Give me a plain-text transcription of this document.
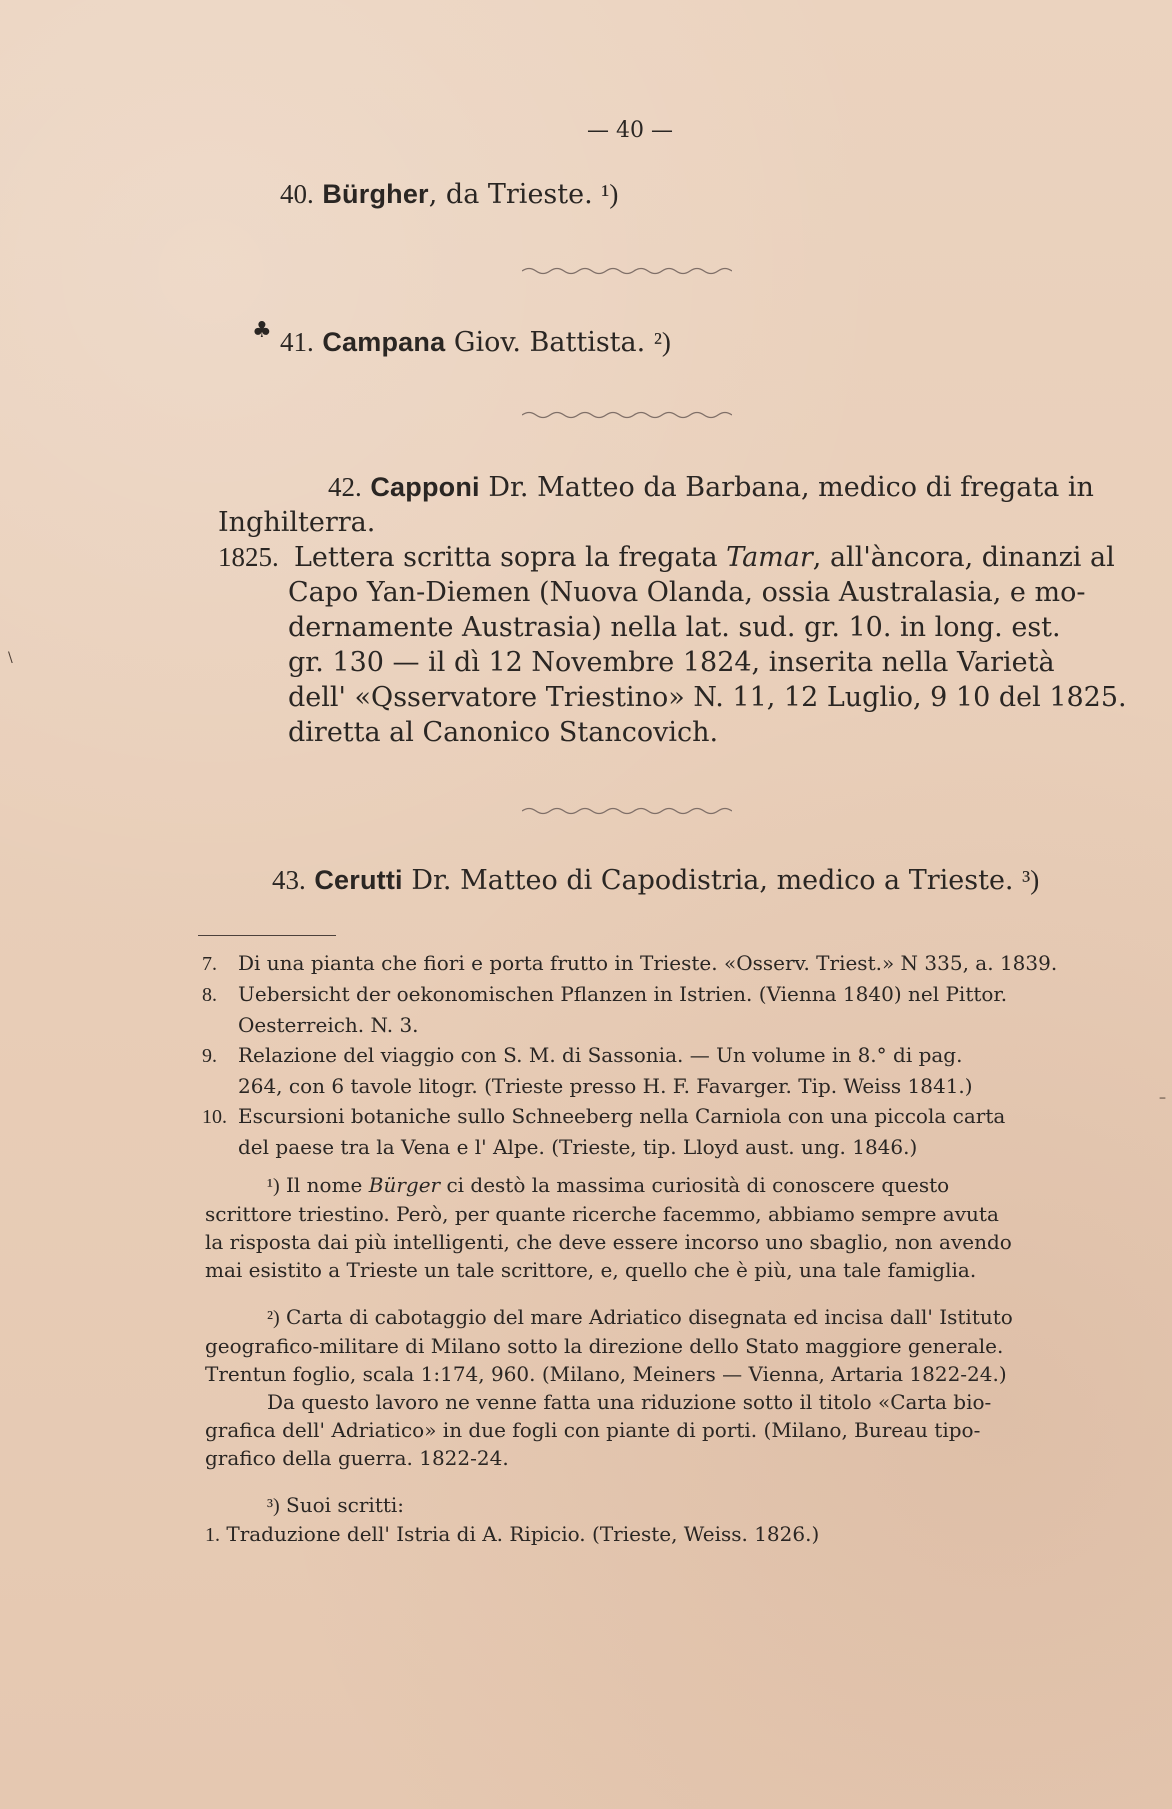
— 40 —
40. Bürgher, da Trieste. ¹)
♣ 41. Campana Giov. Battista. ²)
42. Capponi Dr. Matteo da Barbana, medico di fregata in
Inghilterra.
1825. Lettera scritta sopra la fregata Tamar, all'àncora, dinanzi al
Capo Yan-Diemen (Nuova Olanda, ossia Australasia, e mo-
dernamente Austrasia) nella lat. sud. gr. 10. in long. est.
gr. 130 — il dì 12 Novembre 1824, inserita nella Varietà
dell' «Qsservatore Triestino» N. 11, 12 Luglio, 9 10 del 1825.
diretta al Canonico Stancovich.
43. Cerutti Dr. Matteo di Capodistria, medico a Trieste. ³)
7. Di una pianta che fiori e porta frutto in Trieste. «Osserv. Triest.» N 335, a. 1839.
8. Uebersicht der oekonomischen Pflanzen in Istrien. (Vienna 1840) nel Pittor.
Oesterreich. N. 3.
9. Relazione del viaggio con S. M. di Sassonia. — Un volume in 8.° di pag.
264, con 6 tavole litogr. (Trieste presso H. F. Favarger. Tip. Weiss 1841.)
10. Escursioni botaniche sullo Schneeberg nella Carniola con una piccola carta
del paese tra la Vena e l' Alpe. (Trieste, tip. Lloyd aust. ung. 1846.)
¹) Il nome Bürger ci destò la massima curiosità di conoscere questo
scrittore triestino. Però, per quante ricerche facemmo, abbiamo sempre avuta
la risposta dai più intelligenti, che deve essere incorso uno sbaglio, non avendo
mai esistito a Trieste un tale scrittore, e, quello che è più, una tale famiglia.
²) Carta di cabotaggio del mare Adriatico disegnata ed incisa dall' Istituto
geografico-militare di Milano sotto la direzione dello Stato maggiore generale.
Trentun foglio, scala 1:174, 960. (Milano, Meiners — Vienna, Artaria 1822-24.)
Da questo lavoro ne venne fatta una riduzione sotto il titolo «Carta bio-
grafica dell' Adriatico» in due fogli con piante di porti. (Milano, Bureau tipo-
grafico della guerra. 1822-24.
³) Suoi scritti:
1. Traduzione dell' Istria di A. Ripicio. (Trieste, Weiss. 1826.)
\
–
